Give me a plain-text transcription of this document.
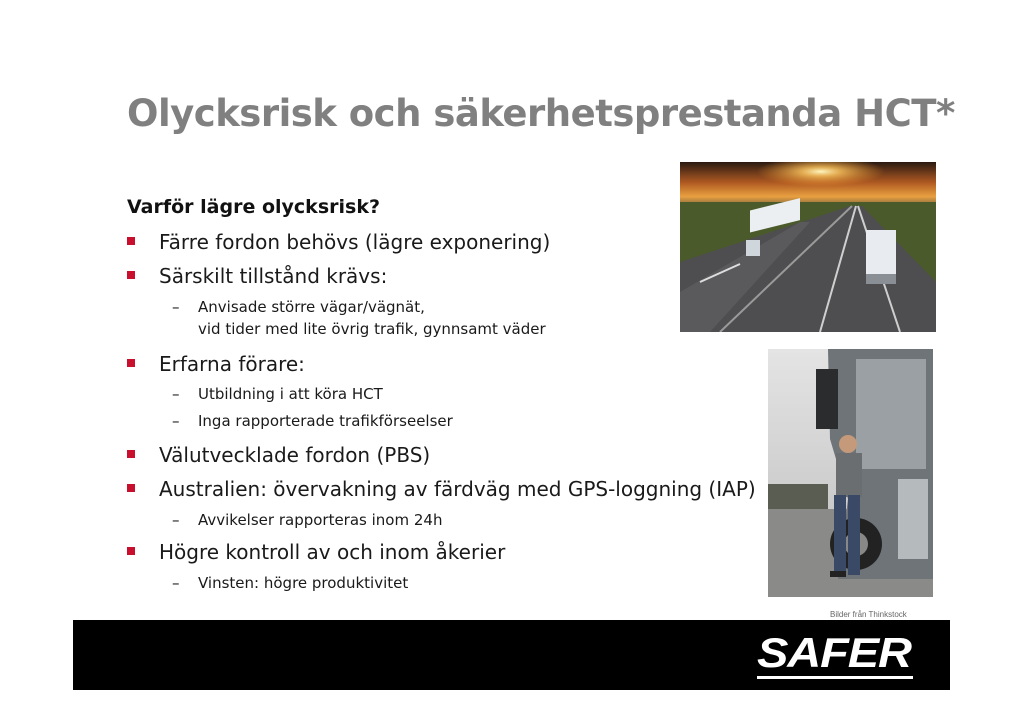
Olycksrisk och säkerhetsprestanda HCT*
Varför lägre olycksrisk?
Färre fordon behövs (lägre exponering)
Särskilt tillstånd krävs:
– Anvisade större vägar/vägnät,
vid tider med lite övrig trafik, gynnsamt väder
Erfarna förare:
– Utbildning i att köra HCT
– Inga rapporterade trafikförseelser
Välutvecklade fordon (PBS)
Australien: övervakning av färdväg med GPS-loggning (IAP)
– Avvikelser rapporteras inom 24h
Högre kontroll av och inom åkerier
– Vinsten: högre produktivitet
Bilder från Thinkstock
SAFER
